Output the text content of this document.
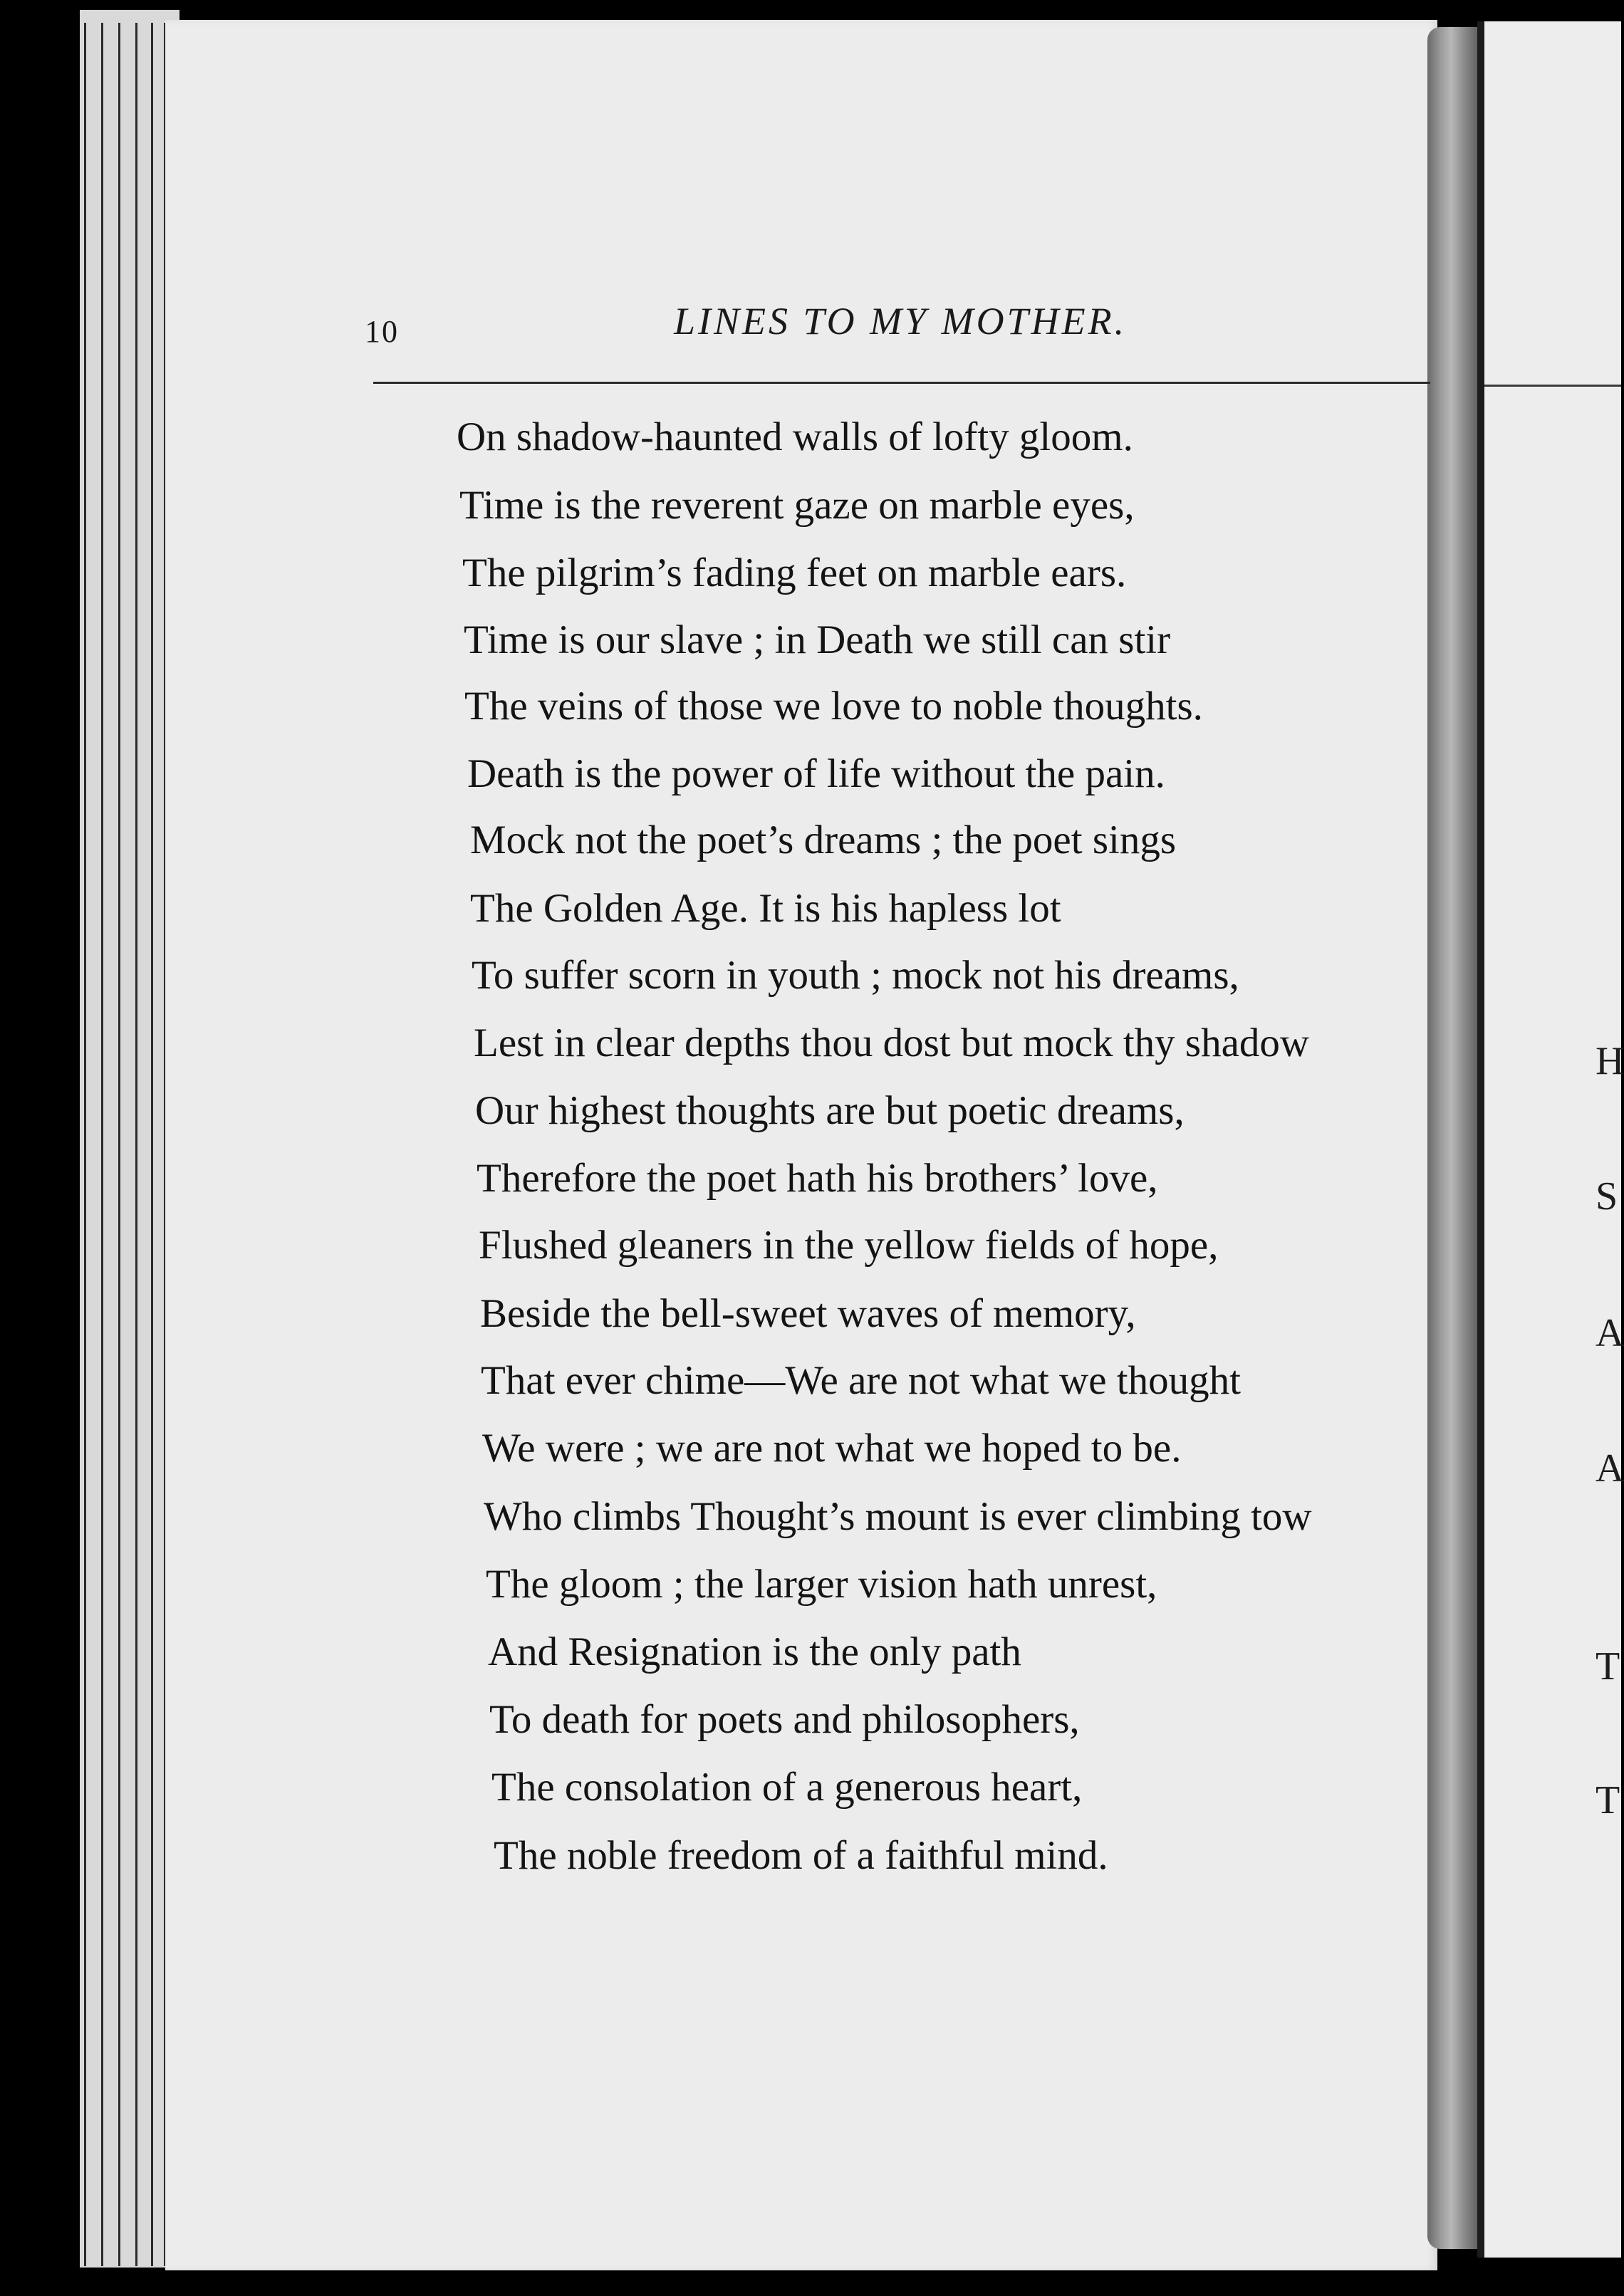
H
S
A
A
T
T
10	LINES TO MY MOTHER.
On shadow-haunted walls of lofty gloom.
Time is the reverent gaze on marble eyes,
The pilgrim’s fading feet on marble ears.
Time is our slave ; in Death we still can stir
The veins of those we love to noble thoughts.
Death is the power of life without the pain.
Mock not the poet’s dreams ; the poet sings
The Golden Age. It is his hapless lot
To suffer scorn in youth ; mock not his dreams,
Lest in clear depths thou dost but mock thy shadow
Our highest thoughts are but poetic dreams,
Therefore the poet hath his brothers’ love,
Flushed gleaners in the yellow fields of hope,
Beside the bell-sweet waves of memory,
That ever chime—We are not what we thought
We were ; we are not what we hoped to be.
Who climbs Thought’s mount is ever climbing tow
The gloom ; the larger vision hath unrest,
And Resignation is the only path
To death for poets and philosophers,
The consolation of a generous heart,
The noble freedom of a faithful mind.
